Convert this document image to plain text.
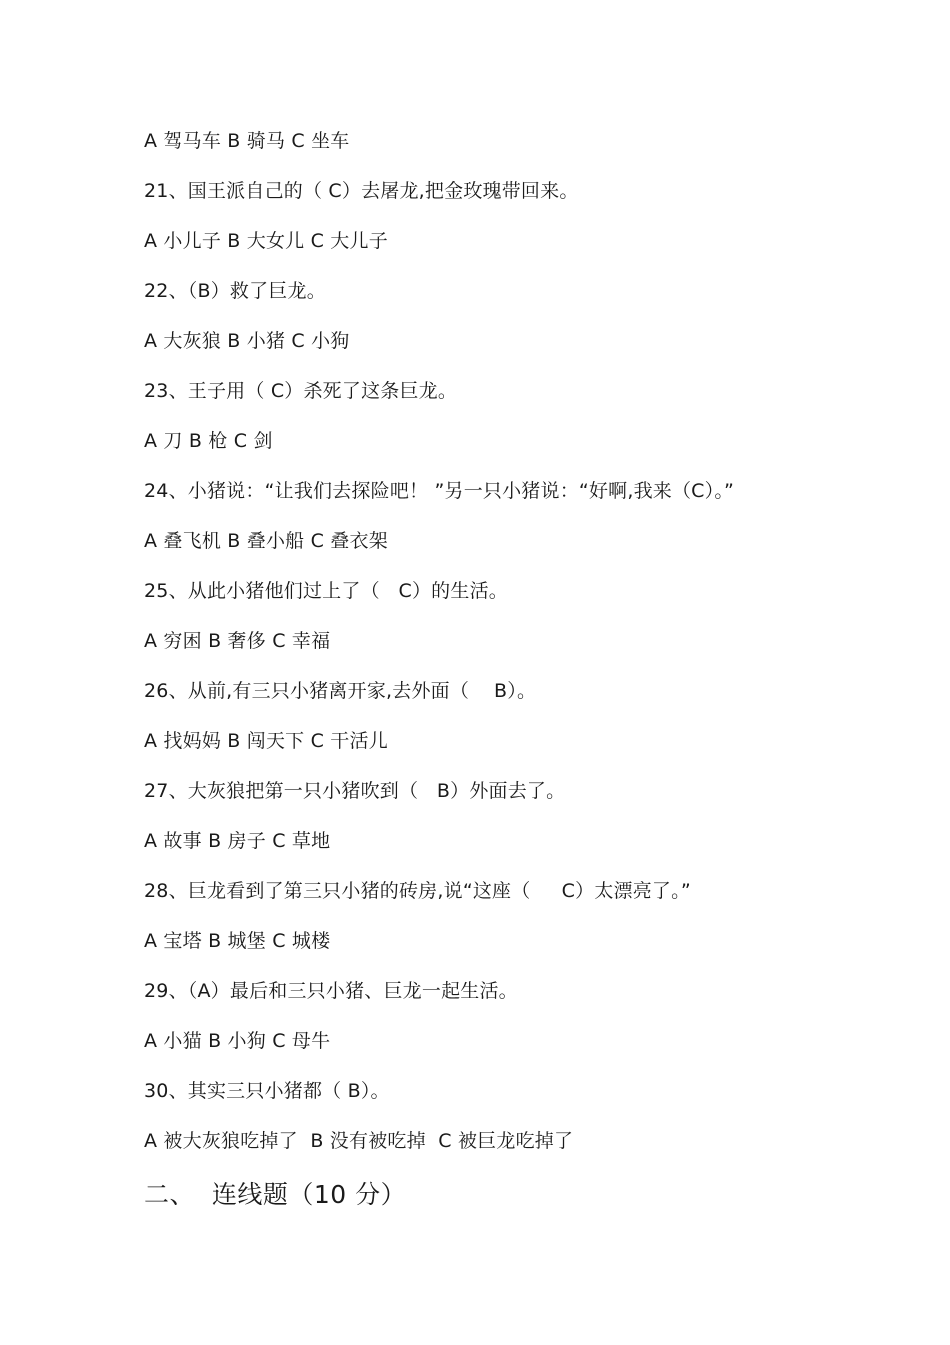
A 驾马车 B 骑马 C 坐车
21、国王派自己的（ C）去屠龙,把金玫瑰带回来。
A 小儿子 B 大女儿 C 大儿子
22、（B）救了巨龙。
A 大灰狼 B 小猪 C 小狗
23、王子用（ C）杀死了这条巨龙。
A 刀 B 枪 C 剑
24、小猪说：“让我们去探险吧！ ”另一只小猪说：“好啊,我来（C）。”
A 叠飞机 B 叠小船 C 叠衣架
25、从此小猪他们过上了（   C）的生活。
A 穷困 B 奢侈 C 幸福
26、从前,有三只小猪离开家,去外面（    B）。
A 找妈妈 B 闯天下 C 干活儿
27、大灰狼把第一只小猪吹到（   B）外面去了。
A 故事 B 房子 C 草地
28、巨龙看到了第三只小猪的砖房,说“这座（     C）太漂亮了。”
A 宝塔 B 城堡 C 城楼
29、（A）最后和三只小猪、巨龙一起生活。
A 小猫 B 小狗 C 母牛
30、其实三只小猪都（ B）。
A 被大灰狼吃掉了  B 没有被吃掉  C 被巨龙吃掉了
二、  连线题（10 分）
